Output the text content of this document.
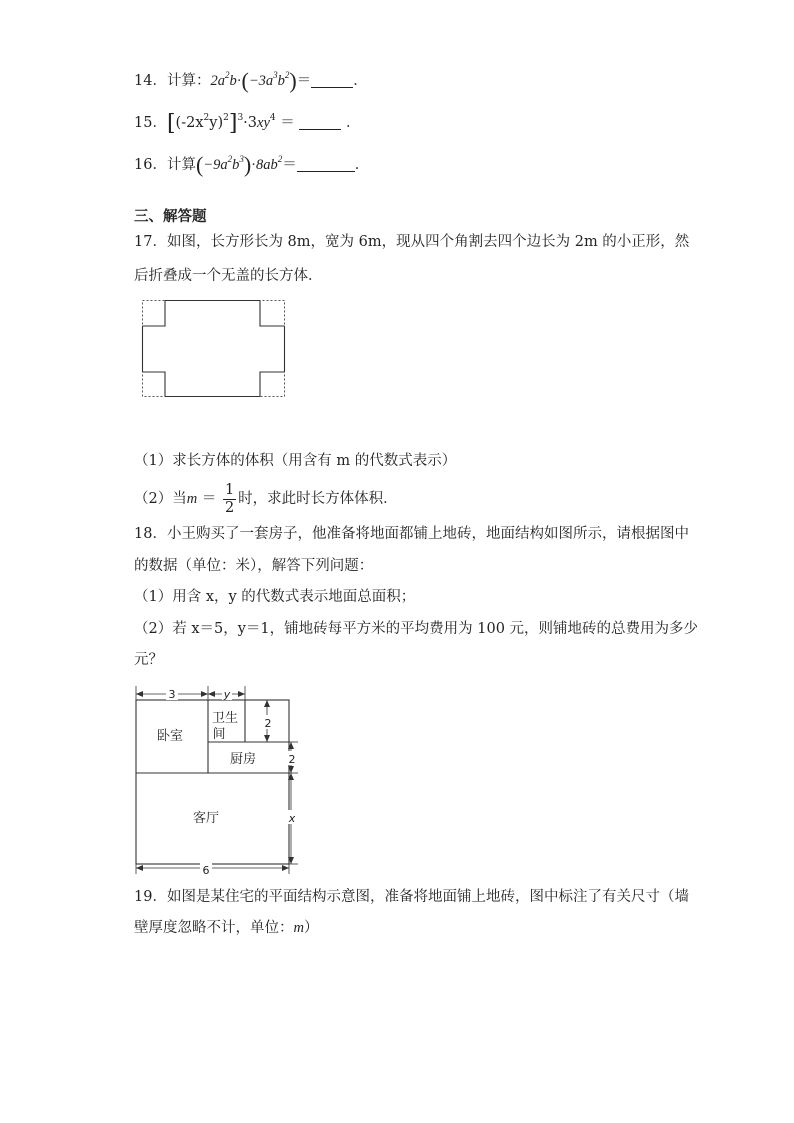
14．计算：$2a^2b\cdot(-3a^3b^2)=$	．
15．$[(-2x^2y)^2]^3\cdot 3xy^4$ ＝	．
16．计算$(-9a^2b^3)\cdot 8ab^2=$	．
三、解答题
17．如图，长方形长为 8m，宽为 6m，现从四个角割去四个边长为 2m 的小正形，然
后折叠成一个无盖的长方体．
（1）求长方体的体积（用含有 m 的代数式表示）
（2）当$m = \frac{1}{2}$ 时，求此时长方体体积．
18．小王购买了一套房子，他准备将地面都铺上地砖，地面结构如图所示，请根据图中
的数据（单位：米），解答下列问题：
（1）用含 x，y 的代数式表示地面总面积；
（2）若 x＝5，y＝1，铺地砖每平方米的平均费用为 100 元，则铺地砖的总费用为多少
元？
3	y
2
2
x
6
卧室
卫生
间
厨房
客厅
19．如图是某住宅的平面结构示意图，准备将地面铺上地砖，图中标注了有关尺寸（墙
壁厚度忽略不计，单位：m）
